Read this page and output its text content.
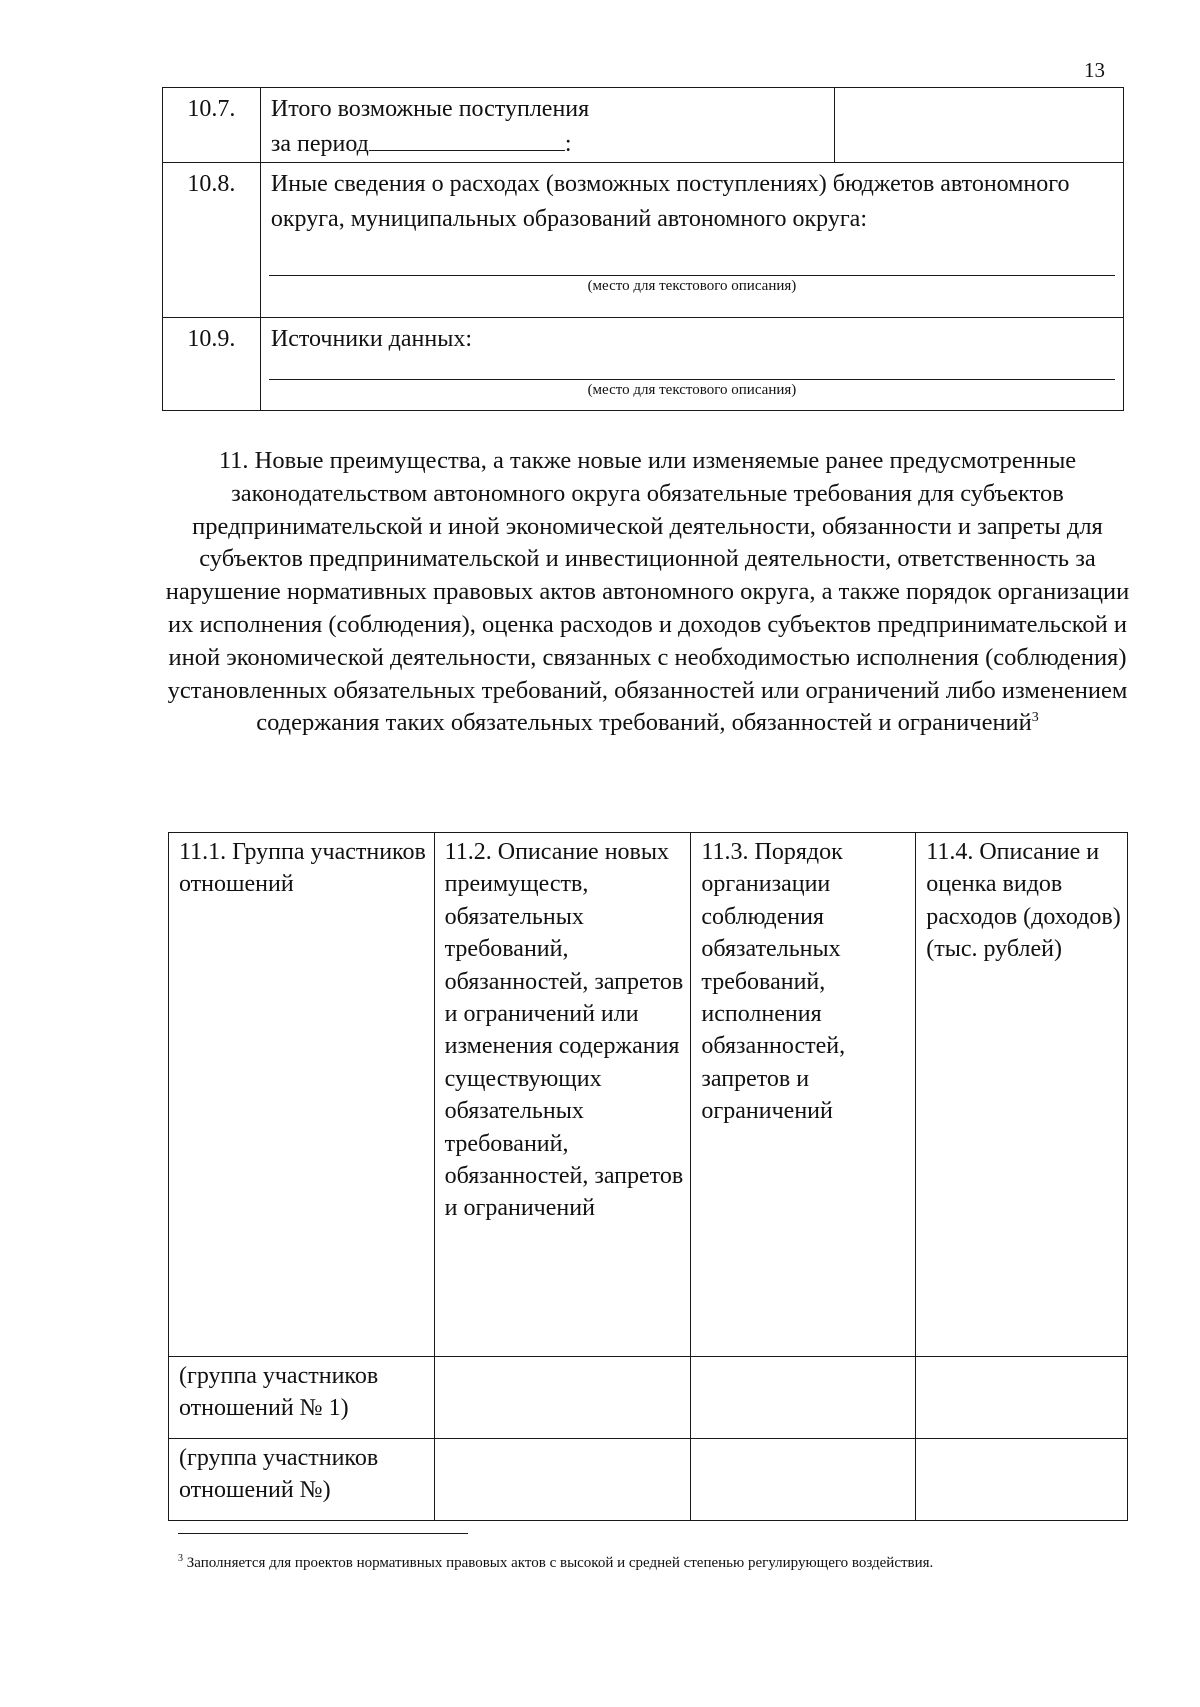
13
10.7.	Итого возможные поступления
за период :	

10.8.	Иные сведения о расходах (возможных поступлениях) бюджетов автономного округа, муниципальных образований автономного округа:
(место для текстового описания)	

10.9.	Источники данных:
(место для текстового описания)	
11. Новые преимущества, а также новые или изменяемые ранее предусмотренные законодательством автономного округа обязательные требования для субъектов предпринимательской и иной экономической деятельности, обязанности и запреты для субъектов предпринимательской и инвестиционной деятельности, ответственность за нарушение нормативных правовых актов автономного округа, а также порядок организации их исполнения (соблюдения), оценка расходов и доходов субъектов предпринимательской и иной экономической деятельности, связанных с необходимостью исполнения (соблюдения) установленных обязательных требований, обязанностей или ограничений либо изменением содержания таких обязательных требований, обязанностей и ограничений$^3$
11.1. Группа участников отношений	11.2. Описание новых преимуществ, обязательных требований, обязанностей, запретов и ограничений или изменения содержания существующих обязательных требований, обязанностей, запретов и ограничений	11.3. Порядок организации соблюдения обязательных требований, исполнения обязанностей, запретов и ограничений	11.4. Описание и оценка видов расходов (доходов) (тыс. рублей)
(группа участников отношений № 1)			
(группа участников отношений №)			
$^3$ Заполняется для проектов нормативных правовых актов с высокой и средней степенью регулирующего воздействия.
